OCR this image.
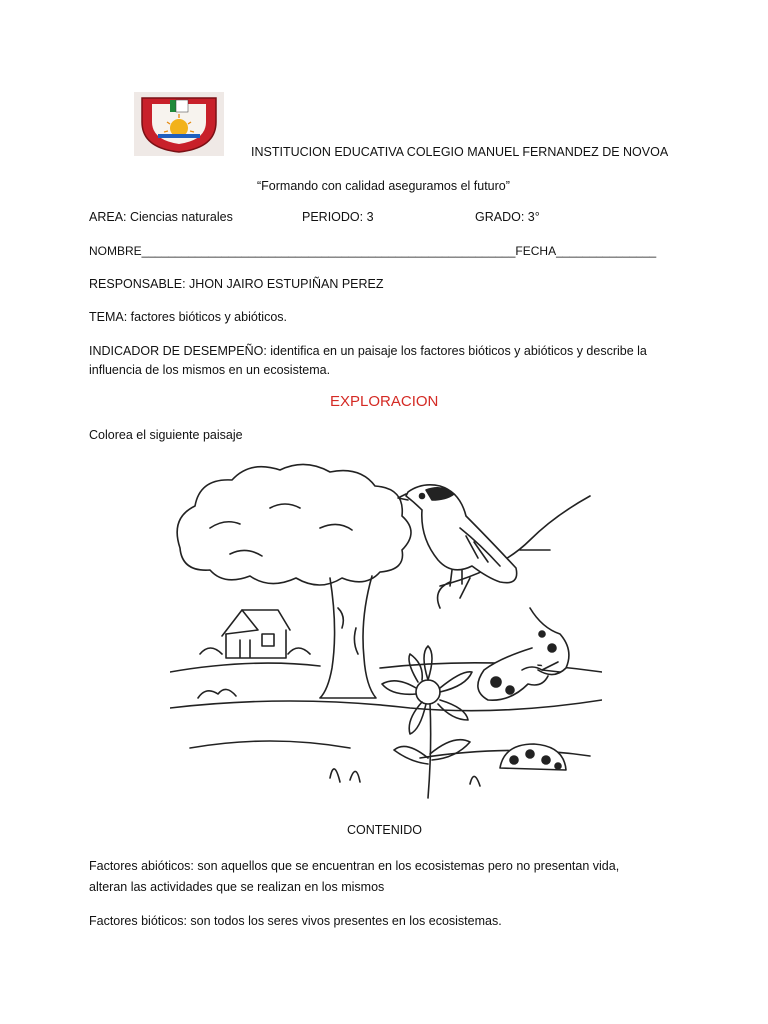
INSTITUCION EDUCATIVA COLEGIO MANUEL FERNANDEZ DE NOVOA
“Formando con calidad aseguramos el futuro”
AREA: Ciencias naturales	PERIODO: 3	GRADO: 3°
NOMBRE________________________________________________________FECHA_______________
RESPONSABLE: JHON JAIRO ESTUPIÑAN PEREZ
TEMA: factores bióticos y abióticos.
INDICADOR DE DESEMPEÑO: identifica en un paisaje los factores bióticos y abióticos y describe la
influencia de los mismos en un ecosistema.
EXPLORACION
Colorea el siguiente paisaje
CONTENIDO
Factores abióticos: son aquellos que se encuentran en los ecosistemas pero no presentan vida,
alteran las actividades que se realizan en los mismos
Factores bióticos: son todos los seres vivos presentes en los ecosistemas.
